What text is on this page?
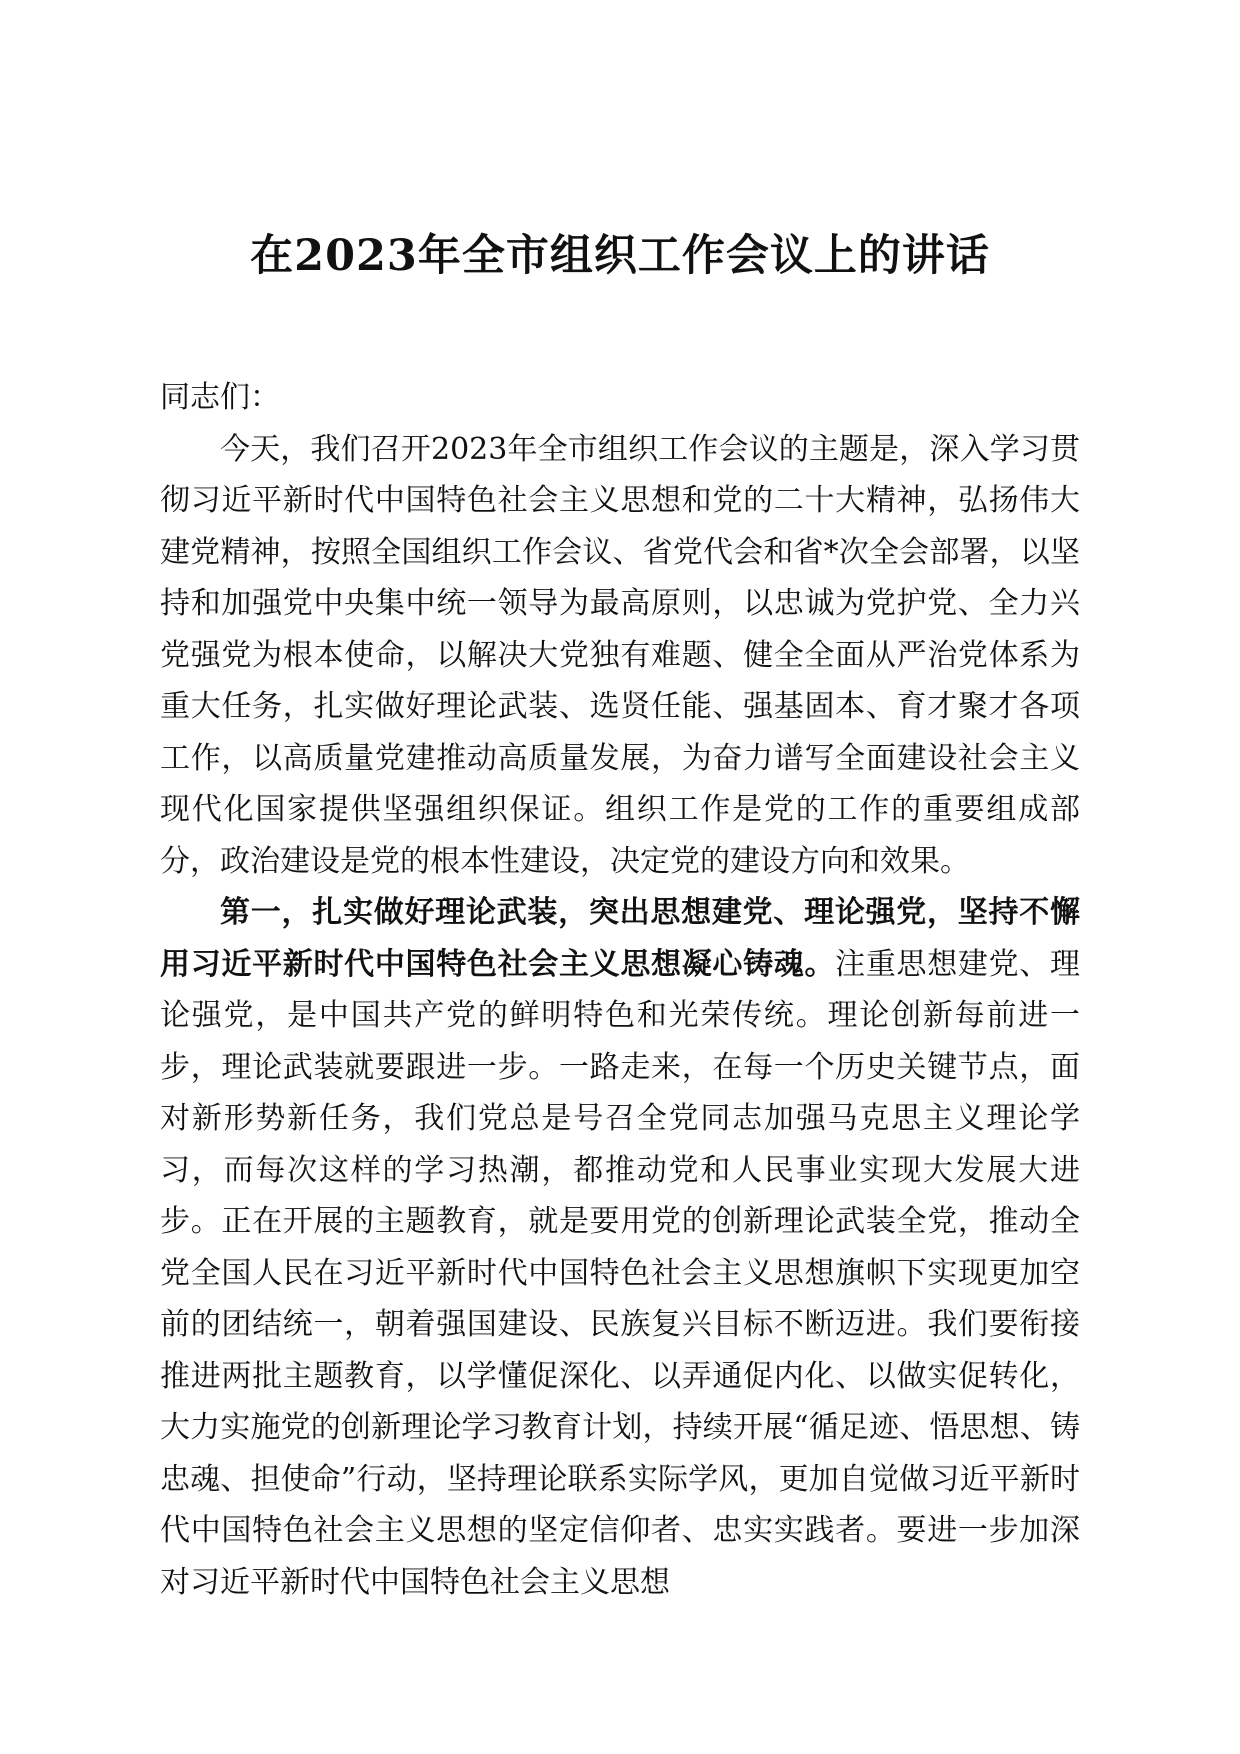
在2023年全市组织工作会议上的讲话

同志们：

今天，我们召开2023年全市组织工作会议的主题是，深入学习贯彻习近平新时代中国特色社会主义思想和党的二十大精神，弘扬伟大建党精神，按照全国组织工作会议、省党代会和省*次全会部署，以坚持和加强党中央集中统一领导为最高原则，以忠诚为党护党、全力兴党强党为根本使命，以解决大党独有难题、健全全面从严治党体系为重大任务，扎实做好理论武装、选贤任能、强基固本、育才聚才各项工作，以高质量党建推动高质量发展，为奋力谱写全面建设社会主义现代化国家提供坚强组织保证。组织工作是党的工作的重要组成部分，政治建设是党的根本性建设，决定党的建设方向和效果。

第一，扎实做好理论武装，突出思想建党、理论强党，坚持不懈用习近平新时代中国特色社会主义思想凝心铸魂。注重思想建党、理论强党，是中国共产党的鲜明特色和光荣传统。理论创新每前进一步，理论武装就要跟进一步。一路走来，在每一个历史关键节点，面对新形势新任务，我们党总是号召全党同志加强马克思主义理论学习，而每次这样的学习热潮，都推动党和人民事业实现大发展大进步。正在开展的主题教育，就是要用党的创新理论武装全党，推动全党全国人民在习近平新时代中国特色社会主义思想旗帜下实现更加空前的团结统一，朝着强国建设、民族复兴目标不断迈进。我们要衔接推进两批主题教育，以学懂促深化、以弄通促内化、以做实促转化，大力实施党的创新理论学习教育计划，持续开展“循足迹、悟思想、铸忠魂、担使命”行动，坚持理论联系实际学风，更加自觉做习近平新时代中国特色社会主义思想的坚定信仰者、忠实实践者。要进一步加深对习近平新时代中国特色社会主义思想
